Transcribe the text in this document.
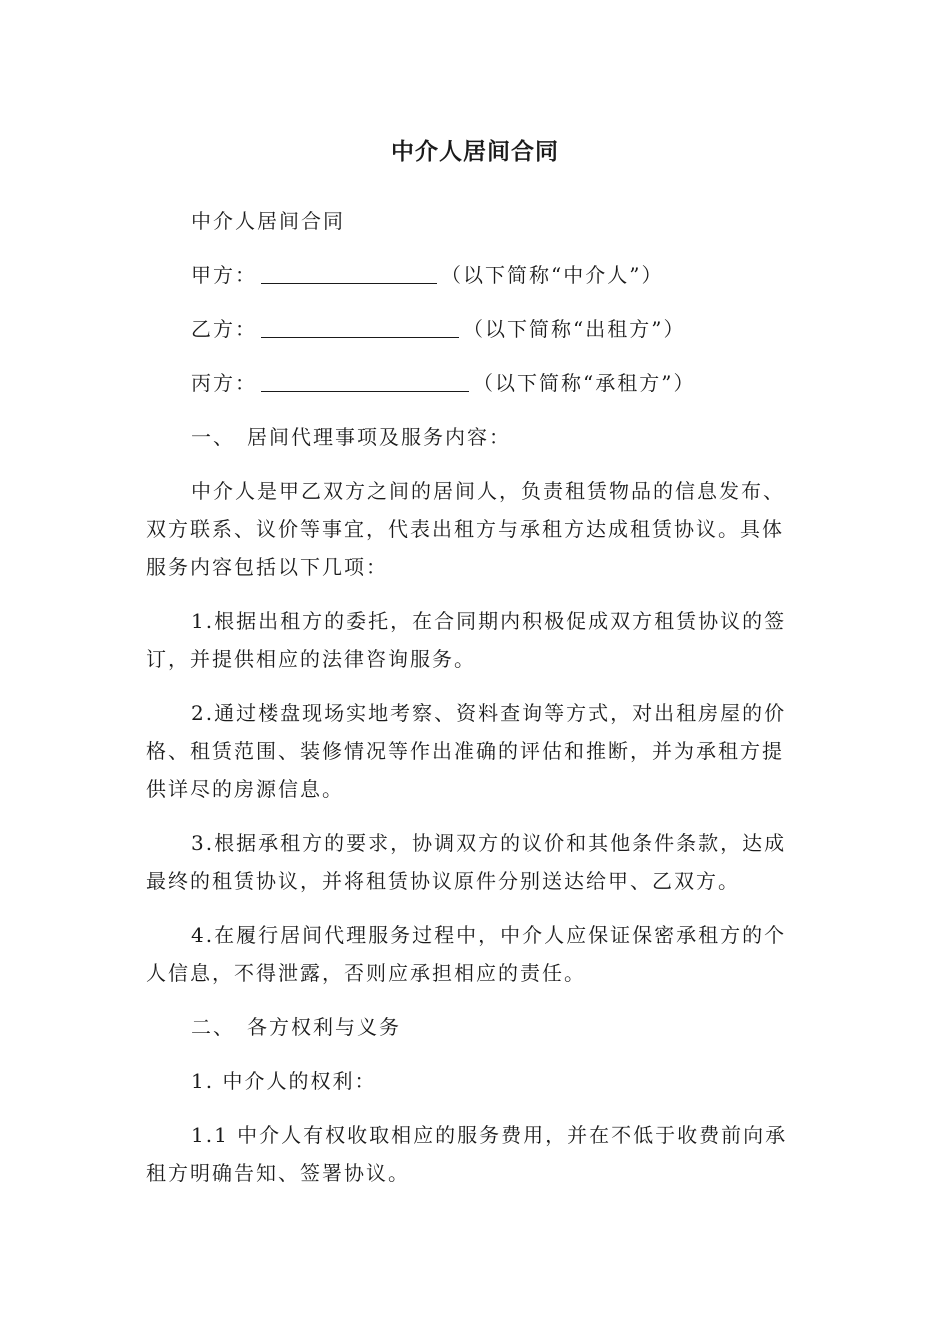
中介人居间合同
中介人居间合同
甲方：	（以下简称“中介人”）
乙方：	（以下简称“出租方”）
丙方：	（以下简称“承租方”）
一、　居间代理事项及服务内容：
中介人是甲乙双方之间的居间人，负责租赁物品的信息发布、
双方联系、议价等事宜，代表出租方与承租方达成租赁协议。具体
服务内容包括以下几项：
1.根据出租方的委托，在合同期内积极促成双方租赁协议的签
订，并提供相应的法律咨询服务。
2.通过楼盘现场实地考察、资料查询等方式，对出租房屋的价
格、租赁范围、装修情况等作出准确的评估和推断，并为承租方提
供详尽的房源信息。
3.根据承租方的要求，协调双方的议价和其他条件条款，达成
最终的租赁协议，并将租赁协议原件分别送达给甲、乙双方。
4.在履行居间代理服务过程中，中介人应保证保密承租方的个
人信息，不得泄露，否则应承担相应的责任。
二、　各方权利与义务
1. 中介人的权利：
1.1 中介人有权收取相应的服务费用，并在不低于收费前向承
租方明确告知、签署协议。
